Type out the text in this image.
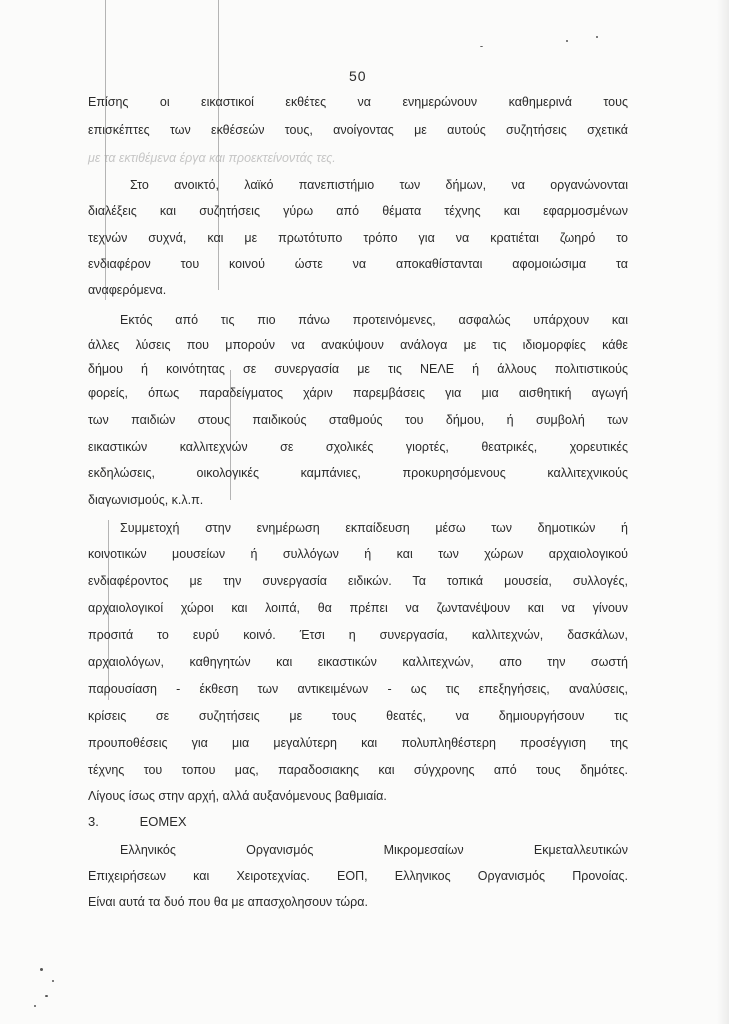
50
Επίσης οι εικαστικοί εκθέτες να ενημερώνουν καθημερινά τους
επισκέπτες των εκθέσεών τους, ανοίγοντας με αυτούς συζητήσεις σχετικά
με τα εκτιθέμενα έργα και προεκτείνοντάς τες.
Στο ανοικτό, λαϊκό πανεπιστήμιο των δήμων, να οργανώνονται
διαλέξεις και συζητήσεις γύρω από θέματα τέχνης και εφαρμοσμένων
τεχνών συχνά, και με πρωτότυπο τρόπο για να κρατιέται ζωηρό το
ενδιαφέρον του κοινού ώστε να αποκαθίστανται αφομοιώσιμα τα
αναφερόμενα.
Εκτός από τις πιο πάνω προτεινόμενες, ασφαλώς υπάρχουν και
άλλες λύσεις που μπορούν να ανακύψουν ανάλογα με τις ιδιομορφίες κάθε
δήμου ή κοινότητας σε συνεργασία με τις ΝΕΛΕ ή άλλους πολιτιστικούς
φορείς, όπως παραδείγματος χάριν παρεμβάσεις για μια αισθητική αγωγή
των παιδιών στους παιδικούς σταθμούς του δήμου, ή συμβολή των
εικαστικών καλλιτεχνών σε σχολικές γιορτές, θεατρικές, χορευτικές
εκδηλώσεις, οικολογικές καμπάνιες, προκυρησόμενους καλλιτεχνικούς
διαγωνισμούς, κ.λ.π.
Συμμετοχή στην ενημέρωση εκπαίδευση μέσω των δημοτικών ή
κοινοτικών μουσείων ή συλλόγων ή και των χώρων αρχαιολογικού
ενδιαφέροντος με την συνεργασία ειδικών. Τα τοπικά μουσεία, συλλογές,
αρχαιολογικοί χώροι και λοιπά, θα πρέπει να ζωντανέψουν και να γίνουν
προσιτά το ευρύ κοινό. Έτσι η συνεργασία, καλλιτεχνών, δασκάλων,
αρχαιολόγων, καθηγητών και εικαστικών καλλιτεχνών, απο την σωστή
παρουσίαση - έκθεση των αντικειμένων - ως τις επεξηγήσεις, αναλύσεις,
κρίσεις σε συζητήσεις με τους θεατές, να δημιουργήσουν τις
προυποθέσεις για μια μεγαλύτερη και πολυπληθέστερη προσέγγιση της
τέχνης του τοπου μας, παραδοσιακης και σύγχρονης από τους δημότες.
Λίγους ίσως στην αρχή, αλλά αυξανόμενους βαθμιαία.
3.	ΕΟΜΕΧ
Ελληνικός Οργανισμός Μικρομεσαίων Εκμεταλλευτικών
Επιχειρήσεων και Χειροτεχνίας. ΕΟΠ, Ελληνικος Οργανισμός Προνοίας.
Είναι αυτά τα δυό που θα με απασχολησουν τώρα.
